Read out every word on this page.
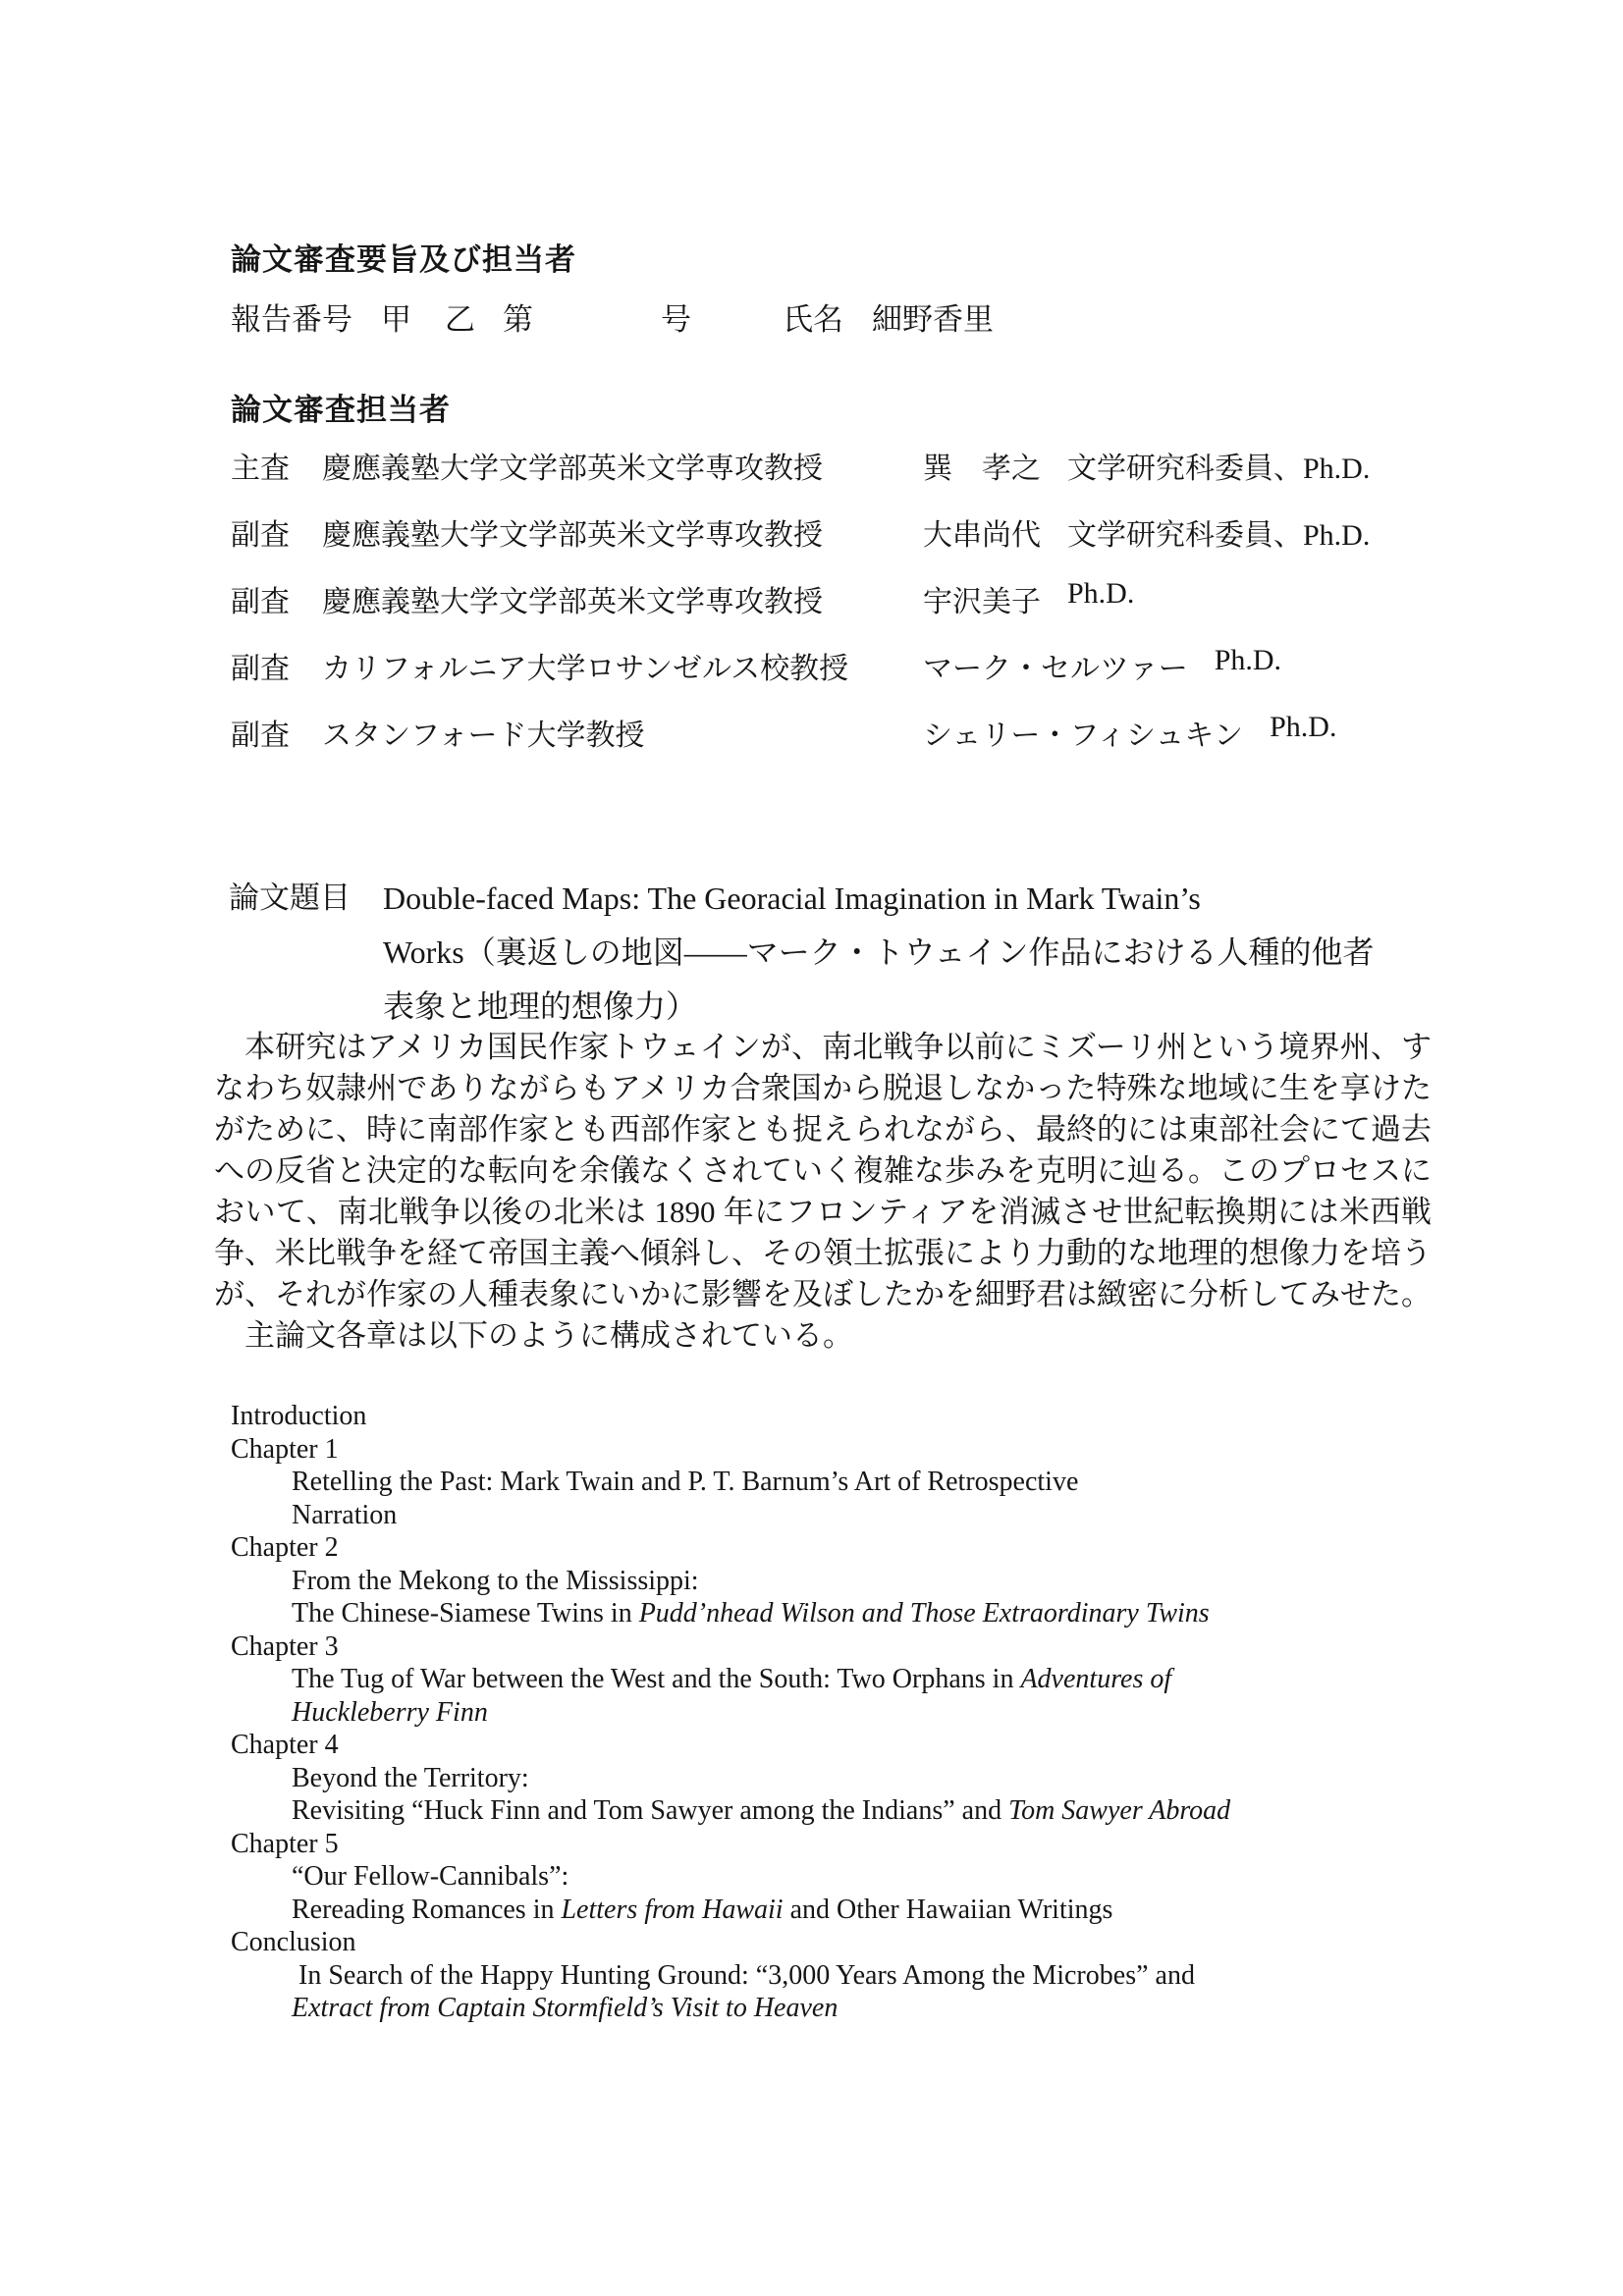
論文審査要旨及び担当者
報告番号 甲 乙 第	号	氏名 細野香里
論文審査担当者
主査 慶應義塾大学文学部英米文学専攻教授	巽　孝之 文学研究科委員、Ph.D.
副査 慶應義塾大学文学部英米文学専攻教授	大串尚代 文学研究科委員、Ph.D.
副査 慶應義塾大学文学部英米文学専攻教授	宇沢美子 Ph.D.
副査 カリフォルニア大学ロサンゼルス校教授	マーク・セルツァー Ph.D.
副査 スタンフォード大学教授	シェリー・フィシュキン Ph.D.
論文題目 Double-faced Maps: The Georacial Imagination in Mark Twain’s
Works（裏返しの地図――マーク・トウェイン作品における人種的他者
表象と地理的想像力）

　本研究はアメリカ国民作家トウェインが、南北戦争以前にミズーリ州という境界州、すなわち奴隷州でありながらもアメリカ合衆国から脱退しなかった特殊な地域に生を享けたがために、時に南部作家とも西部作家とも捉えられながら、最終的には東部社会にて過去への反省と決定的な転向を余儀なくされていく複雑な歩みを克明に辿る。このプロセスにおいて、南北戦争以後の北米は 1890 年にフロンティアを消滅させ世紀転換期には米西戦争、米比戦争を経て帝国主義へ傾斜し、その領土拡張により力動的な地理的想像力を培うが、それが作家の人種表象にいかに影響を及ぼしたかを細野君は緻密に分析してみせた。

　主論文各章は以下のように構成されている。

Introduction
Chapter 1
Retelling the Past: Mark Twain and P. T. Barnum’s Art of Retrospective
Narration
Chapter 2
From the Mekong to the Mississippi:
The Chinese-Siamese Twins in Pudd’nhead Wilson and Those Extraordinary Twins
Chapter 3
The Tug of War between the West and the South: Two Orphans in Adventures of
Huckleberry Finn
Chapter 4
Beyond the Territory:
Revisiting “Huck Finn and Tom Sawyer among the Indians” and Tom Sawyer Abroad
Chapter 5
“Our Fellow-Cannibals”:
Rereading Romances in Letters from Hawaii and Other Hawaiian Writings
Conclusion
In Search of the Happy Hunting Ground: “3,000 Years Among the Microbes” and
Extract from Captain Stormfield’s Visit to Heaven
